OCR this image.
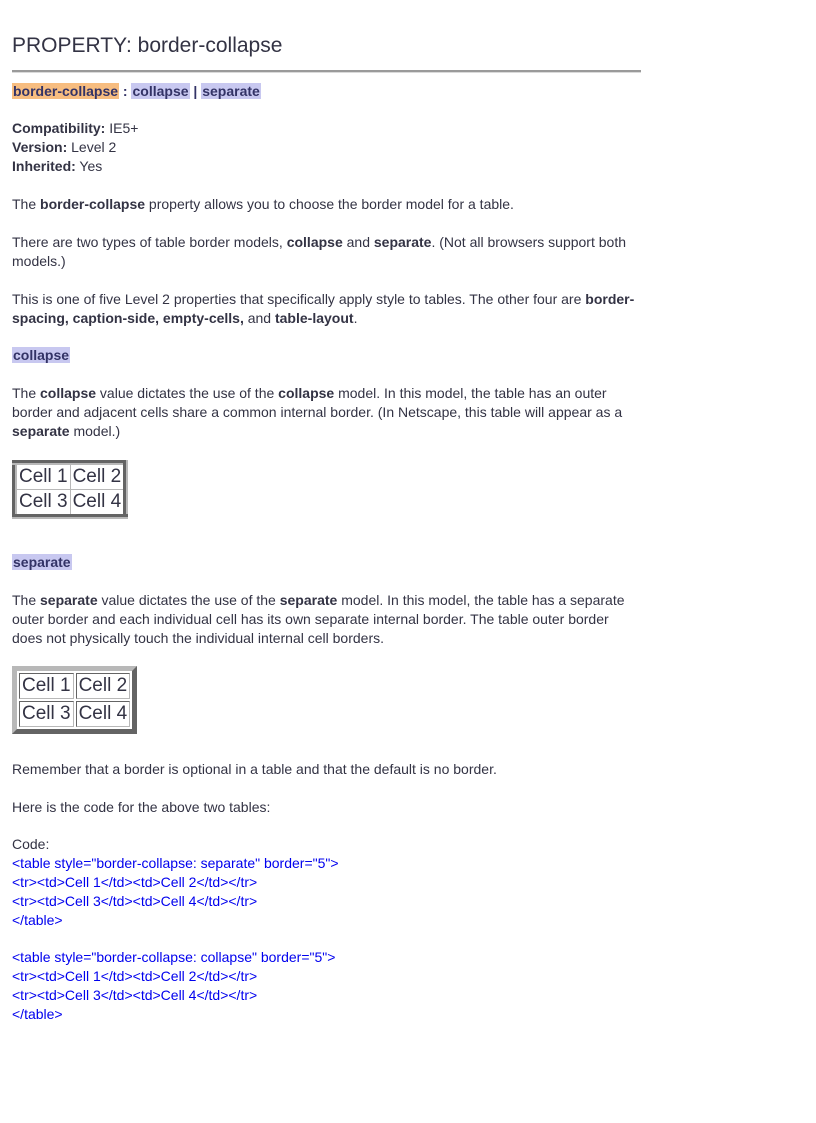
PROPERTY: border-collapse
border-collapse : collapse | separate

Compatibility: IE5+

Version: Level 2

Inherited: Yes

The border-collapse property allows you to choose the border model for a table.

There are two types of table border models, collapse and separate. (Not all browsers support both models.)

This is one of five Level 2 properties that specifically apply style to tables. The other four are border-spacing, caption-side, empty-cells, and table-layout.

collapse

The collapse value dictates the use of the collapse model. In this model, the table has an outer border and adjacent cells share a common internal border. (In Netscape, this table will appear as a separate model.)

Cell 1	Cell 2
Cell 3	Cell 4
separate

The separate value dictates the use of the separate model. In this model, the table has a separate outer border and each individual cell has its own separate internal border. The table outer border does not physically touch the individual internal cell borders.

Cell 1	Cell 2
Cell 3	Cell 4

Remember that a border is optional in a table and that the default is no border.

Here is the code for the above two tables:

Code:

<table style="border-collapse: separate" border="5">

<tr><td>Cell 1</td><td>Cell 2</td></tr>

<tr><td>Cell 3</td><td>Cell 4</td></tr>

</table>

<table style="border-collapse: collapse" border="5">

<tr><td>Cell 1</td><td>Cell 2</td></tr>

<tr><td>Cell 3</td><td>Cell 4</td></tr>

</table>
